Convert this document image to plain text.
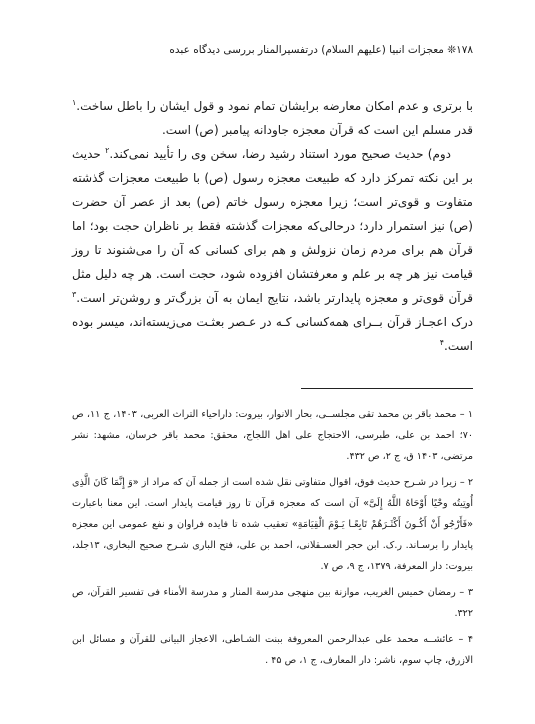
۱۷۸❊ معجزات انبیا (علیهم السلام) درتفسیرالمنار بررسی دیدگاه عبده

با برتری و عدم امکان معارضه برایشان تمام نمود و قول ایشان را باطل ساخت.$^۱$ قدر مسلم این است که قرآن معجزه جاودانه پیامبر (ص) است.

دوم) حدیث صحیح مورد استناد رشید رضا، سخن وی را تأیید نمی‌کند.$^۲$ حدیث بر این نکته تمرکز دارد که طبیعت معجزه رسول (ص) با طبیعت معجزات گذشته متفاوت و قوی‌تر است؛ زیرا معجزه رسول خاتم (ص) بعد از عصر آن حضرت (ص) نیز استمرار دارد؛ درحالی‌که معجزات گذشته فقط بر ناظران حجت بود؛ اما قرآن هم برای مردم زمان نزولش و هم برای کسانی که آن را می‌شنوند تا روز قیامت نیز هر چه بر علم و معرفتشان افزوده شود، حجت است. هر چه دلیل مثل قرآن قوی‌تر و معجزه پایدارتر باشد، نتایج ایمان به آن بزرگ‌تر و روشن‌تر است.$^۳$ درک اعجـاز قرآن بــرای همه‌کسانی کـه در عـصر بعثـت می‌زیسته‌اند، میسر بوده است.$^۴$

۱ – محمد باقر بن محمد تقی مجلســی، بحار الانوار، بیروت: داراحیاء التراث العربی، ۱۴۰۳، ج ۱۱، ص ۷۰؛ احمد بن علی، طبرسی، الاحتجاج علی اهل اللجاج، محقق: محمد باقر خرسان، مشهد: نشر مرتضی، ۱۴۰۳ ق، ج ۲، ص ۴۳۲.

۲ – زیرا در شـرح حدیث فوق، اقوال متفاوتی نقل شده است از جمله آن که مراد از «وَ إِنَّمَا كَانَ الَّذِی أُوتِیتُه وحْیًا أَوْحَاهُ اللَّهُ إِلَیَّ» آن است که معجزه قرآن تا روز قیامت پایدار است. این معنا باعبارت «فَأَرْجُو أَنْ أَكُـونَ أَكْثَـرَهُمْ تَابِعًـا یَـوْمَ الْقِیَامَةِ» تعقیب شده تا فایده فراوان و نفع عمومی این معجزه پایدار را برسـاند. ر.ک. ابن حجر العسـقلانی، احمد بن علی، فتح الباری شـرح صحیح البخاری، ۱۳جلد، بیروت: دار المعرفة، ۱۳۷۹، ج ۹، ص ۷.

۳ – رمضان خمیس الغریب، موازنة بین منهجی مدرسة المنار و مدرسة الأمناء فی تفسیر القرآن، ص ۳۲۲.

۴ – عائشــه محمد علی عبدالرحمن المعروفة ببنت الشـاطی، الاعجاز البیانی للقرآن و مسائل ابن الازرق، چاپ سوم، ناشر: دار المعارف، ج ۱، ص ۴۵ .
